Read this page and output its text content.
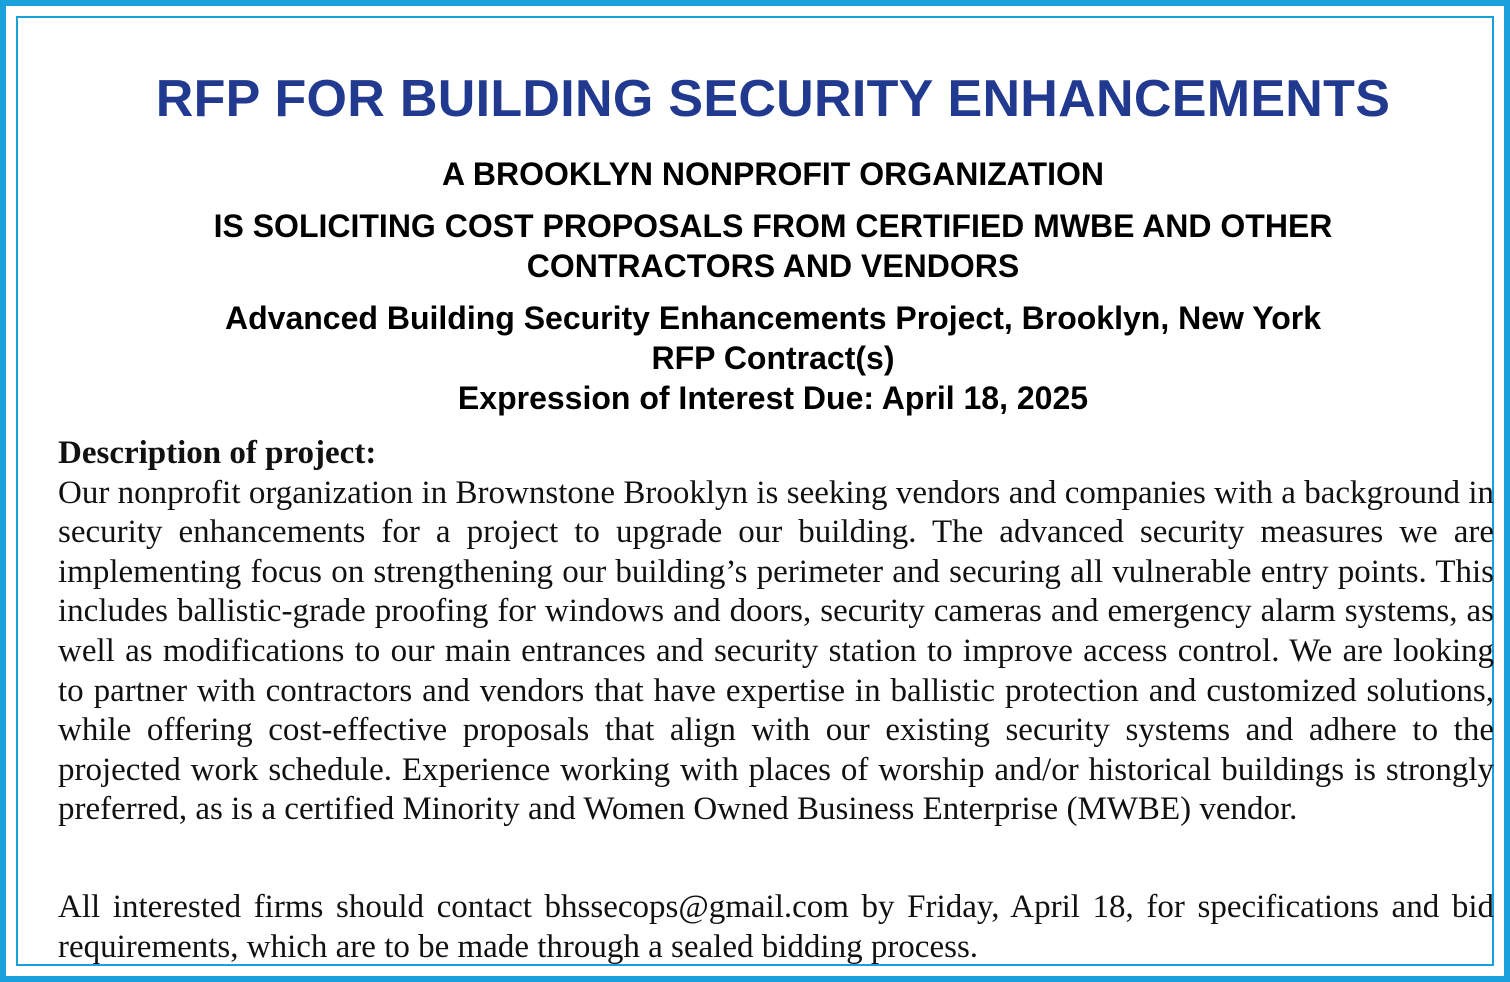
RFP FOR BUILDING SECURITY ENHANCEMENTS
A BROOKLYN NONPROFIT ORGANIZATION
IS SOLICITING COST PROPOSALS FROM CERTIFIED MWBE AND OTHER
CONTRACTORS AND VENDORS
Advanced Building Security Enhancements Project, Brooklyn, New York
RFP Contract(s)
Expression of Interest Due: April 18, 2025
Description of project:
Our nonprofit organization in Brownstone Brooklyn is seeking vendors and companies with a background in security enhancements for a project to upgrade our building. The advanced security measures we are implementing focus on strengthening our building’s perimeter and securing all vulnerable entry points. This includes ballistic-grade proofing for windows and doors, security cameras and emergency alarm systems, as well as modifications to our main entrances and security station to improve access control. We are looking to partner with contractors and vendors that have expertise in ballistic protection and customized solutions, while offering cost-effective proposals that align with our existing security systems and adhere to the projected work schedule. Experience working with places of worship and/or historical buildings is strongly preferred, as is a certified Minority and Women Owned Business Enterprise (MWBE) vendor.
All interested firms should contact bhssecops@gmail.com by Friday, April 18, for specifications and bid requirements, which are to be made through a sealed bidding process.
